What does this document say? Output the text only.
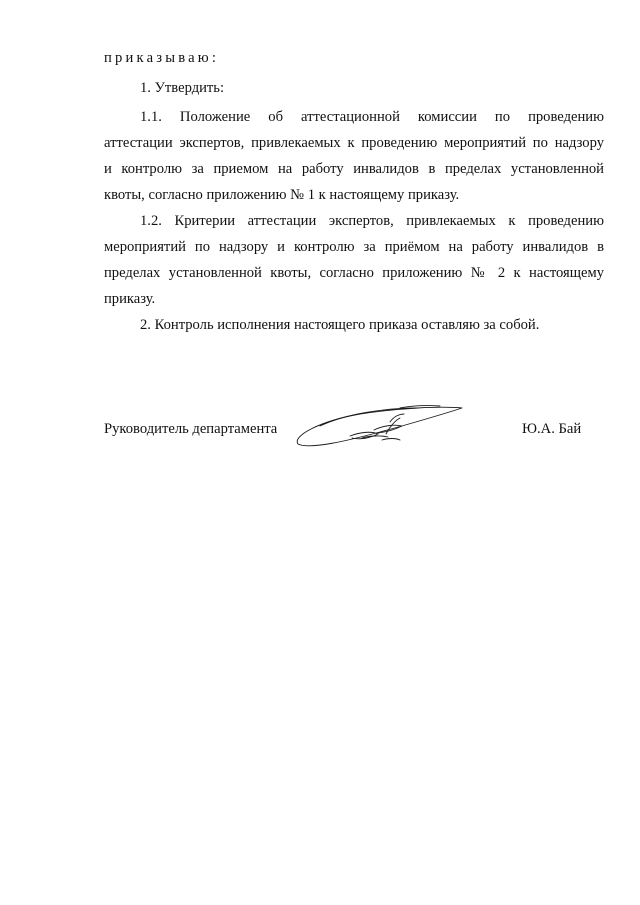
приказываю:
1. Утвердить:
1.1. Положение об аттестационной комиссии по проведению
аттестации экспертов, привлекаемых к проведению мероприятий по надзору
и контролю за приемом на работу инвалидов в пределах установленной
квоты, согласно приложению № 1 к настоящему приказу.
1.2. Критерии аттестации экспертов, привлекаемых к проведению
мероприятий по надзору и контролю за приёмом на работу инвалидов в
пределах установленной квоты, согласно приложению № 2 к настоящему
приказу.
2. Контроль исполнения настоящего приказа оставляю за собой.
Руководитель департамента	Ю.А. Бай
